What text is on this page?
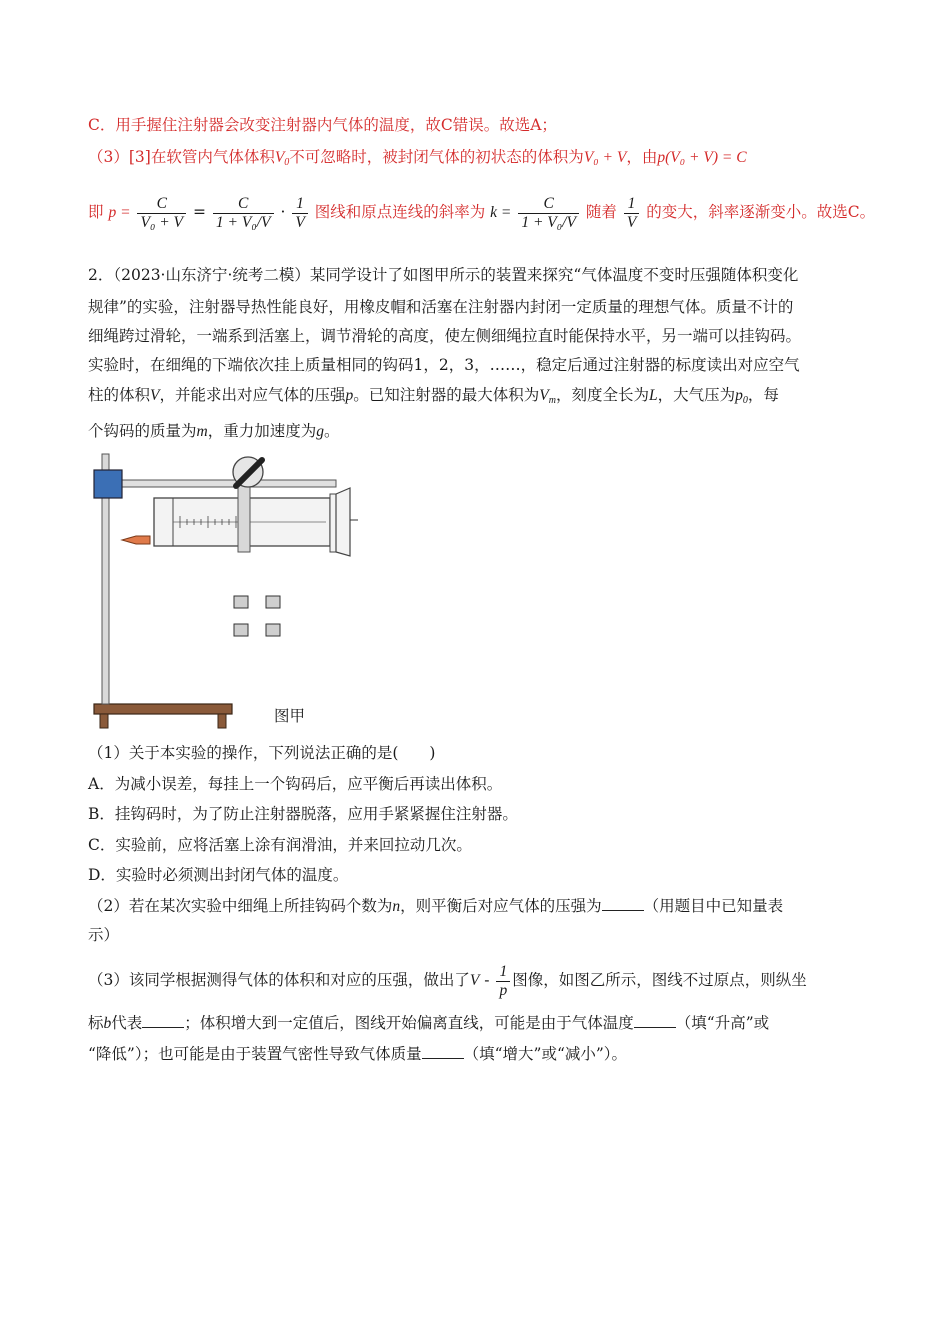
C．用手握住注射器会改变注射器内气体的温度，故C错误。故选A；
（3）[3]在软管内气体体积$V_0$不可忽略时，被封闭气体的初状态的体积为V₀ + V，由p(V₀ + V) = C
即 $p = \frac{C}{\text{V₀ + V}} = \frac{C}{\text{1 + V₀/V}} \cdot \frac{1}{V}$ 图线和原点连线的斜率为 $k = \frac{C}{\text{1 + V₀/V}}$ 随着 $\frac{1}{V}$ 的变大，斜率逐渐变小。故选C。
2．（2023·山东济宁·统考二模）某同学设计了如图甲所示的装置来探究“气体温度不变时压强随体积变化
规律”的实验，注射器导热性能良好，用橡皮帽和活塞在注射器内封闭一定质量的理想气体。质量不计的
细绳跨过滑轮，一端系到活塞上，调节滑轮的高度，使左侧细绳拉直时能保持水平，另一端可以挂钩码。
实验时，在细绳的下端依次挂上质量相同的钩码1，2，3，……，稳定后通过注射器的标度读出对应空气
柱的体积V，并能求出对应气体的压强p。已知注射器的最大体积为$V_m$，刻度全长为L，大气压为$p_0$，每
个钩码的质量为m，重力加速度为g。
图甲
（1）关于本实验的操作，下列说法正确的是(　　)
A．为减小误差，每挂上一个钩码后，应平衡后再读出体积。
B．挂钩码时，为了防止注射器脱落，应用手紧紧握住注射器。
C．实验前，应将活塞上涂有润滑油，并来回拉动几次。
D．实验时必须测出封闭气体的温度。
（2）若在某次实验中细绳上所挂钩码个数为n，则平衡后对应气体的压强为	（用题目中已知量表
示）
（3）该同学根据测得气体的体积和对应的压强，做出了V - $\frac{1}{p}$ 图像，如图乙所示，图线不过原点，则纵坐
标b代表	；体积增大到一定值后，图线开始偏离直线，可能是由于气体温度	（填“升高”或
“降低”）；也可能是由于装置气密性导致气体质量	（填“增大”或“减小”）。
